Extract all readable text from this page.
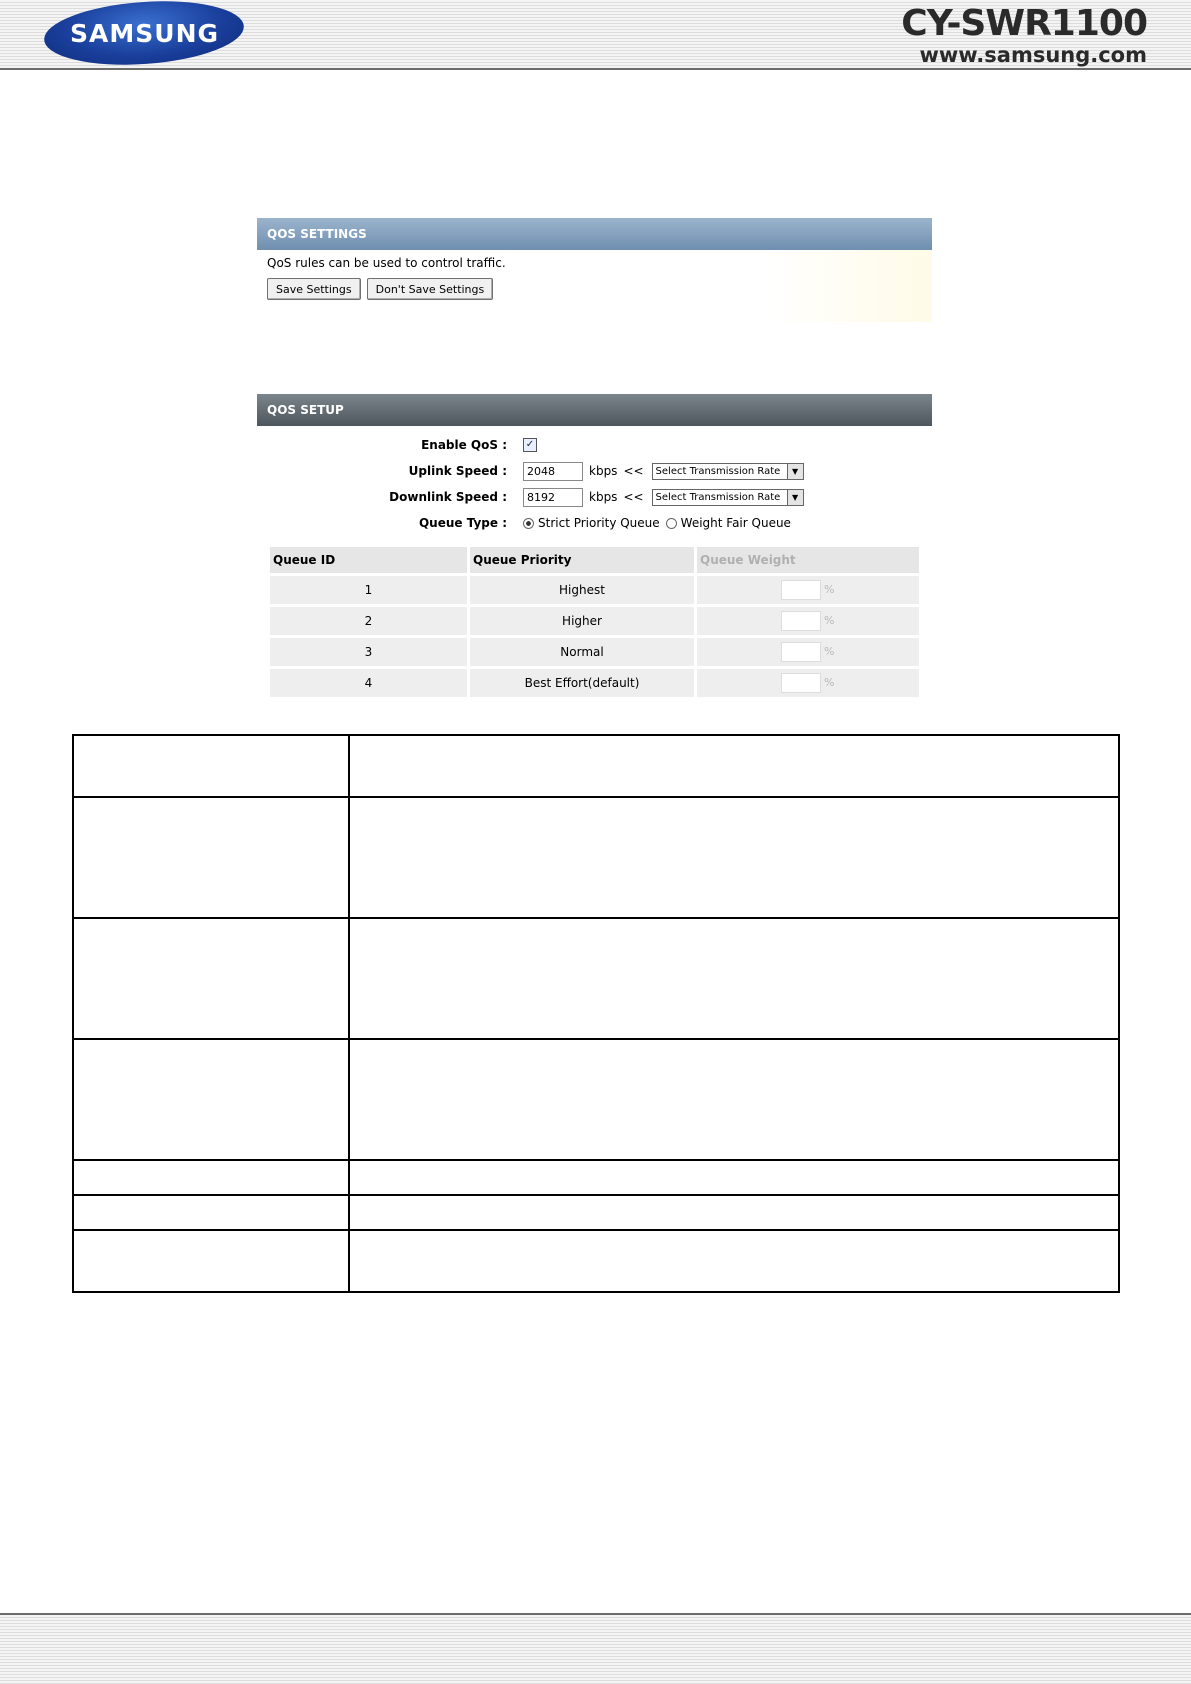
SAMSUNG	CY-SWR1100
www.samsung.com
QOS SETTINGS
QoS rules can be used to control traffic.
Save Settings	Don't Save Settings
QOS SETUP
Enable QoS :	✓
Uplink Speed :
2048	kbps << Select Transmission Rate	▼
Downlink Speed :
8192	kbps << Select Transmission Rate	▼
Queue Type :	Strict Priority Queue Weight Fair Queue
Queue ID	Queue Priority	Queue Weight
1	Highest	%
2	Higher	%
3	Normal	%
4	Best Effort(default)	%
